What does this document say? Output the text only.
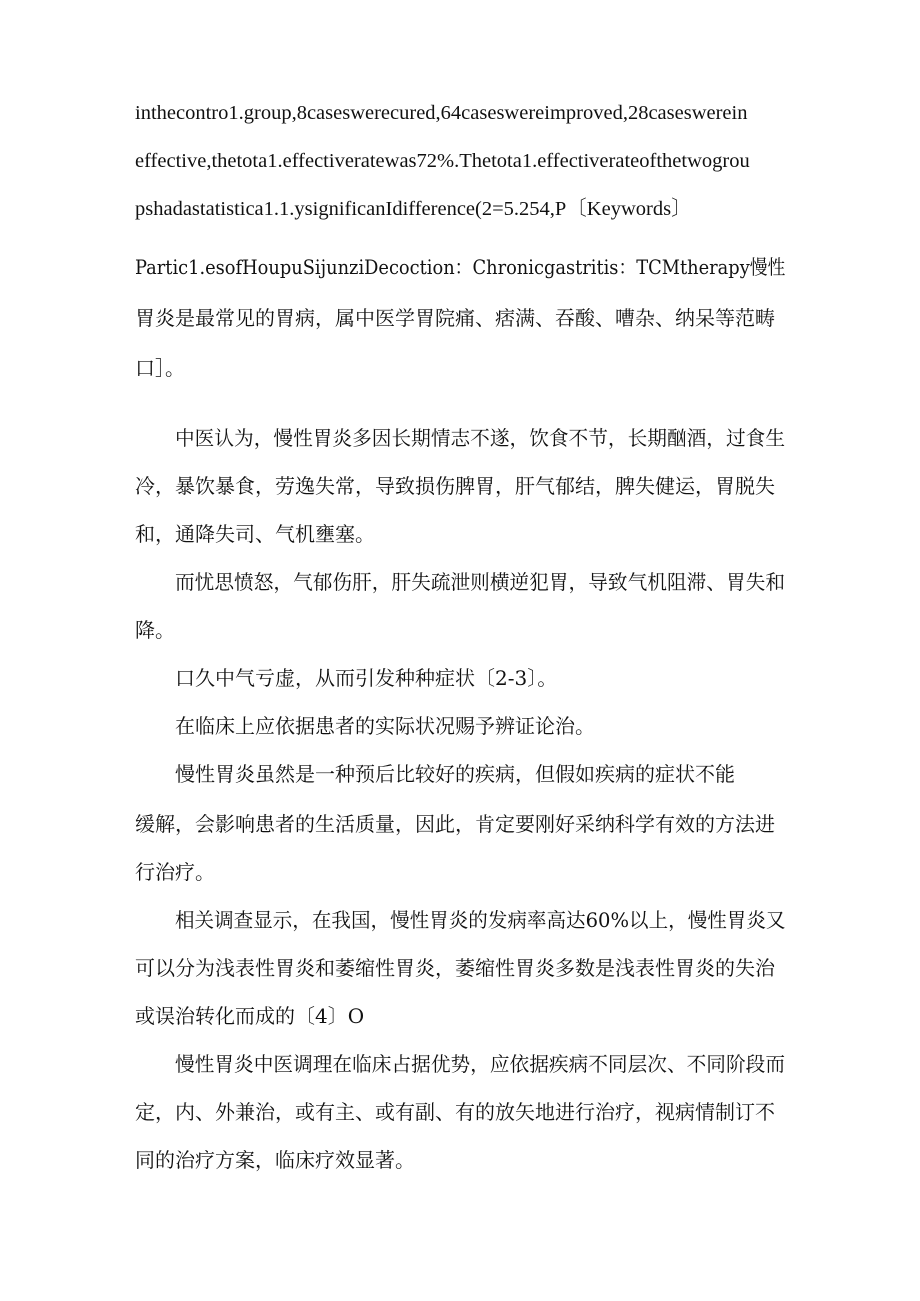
inthecontro1.group,8caseswerecured,64caseswereimproved,28caseswerein
effective,thetota1.effectiveratewas72%.Thetota1.effectiverateofthetwogrou
pshadastatistica1.1.ysignificanIdifference(2=5.254,P〔Keywords〕
Partic1.esofHoupuSijunziDecoction：Chronicgastritis：TCMtherapy慢性
胃炎是最常见的胃病，属中医学胃院痛、痞满、吞酸、嘈杂、纳呆等范畴
口］。
中医认为，慢性胃炎多因长期情志不遂，饮食不节，长期酗酒，过食生
冷，暴饮暴食，劳逸失常，导致损伤脾胃，肝气郁结，脾失健运，胃脱失
和，通降失司、气机壅塞。
而忧思愤怒，气郁伤肝，肝失疏泄则横逆犯胃，导致气机阻滞、胃失和
降。
口久中气亏虚，从而引发种种症状〔2-3〕。
在临床上应依据患者的实际状况赐予辨证论治。
慢性胃炎虽然是一种预后比较好的疾病，但假如疾病的症状不能
缓解，会影响患者的生活质量，因此，肯定要刚好采纳科学有效的方法进
行治疗。
相关调查显示，在我国，慢性胃炎的发病率高达60%以上，慢性胃炎又
可以分为浅表性胃炎和萎缩性胃炎，萎缩性胃炎多数是浅表性胃炎的失治
或误治转化而成的〔4〕O
慢性胃炎中医调理在临床占据优势，应依据疾病不同层次、不同阶段而
定，内、外兼治，或有主、或有副、有的放矢地进行治疗，视病情制订不
同的治疗方案，临床疗效显著。
